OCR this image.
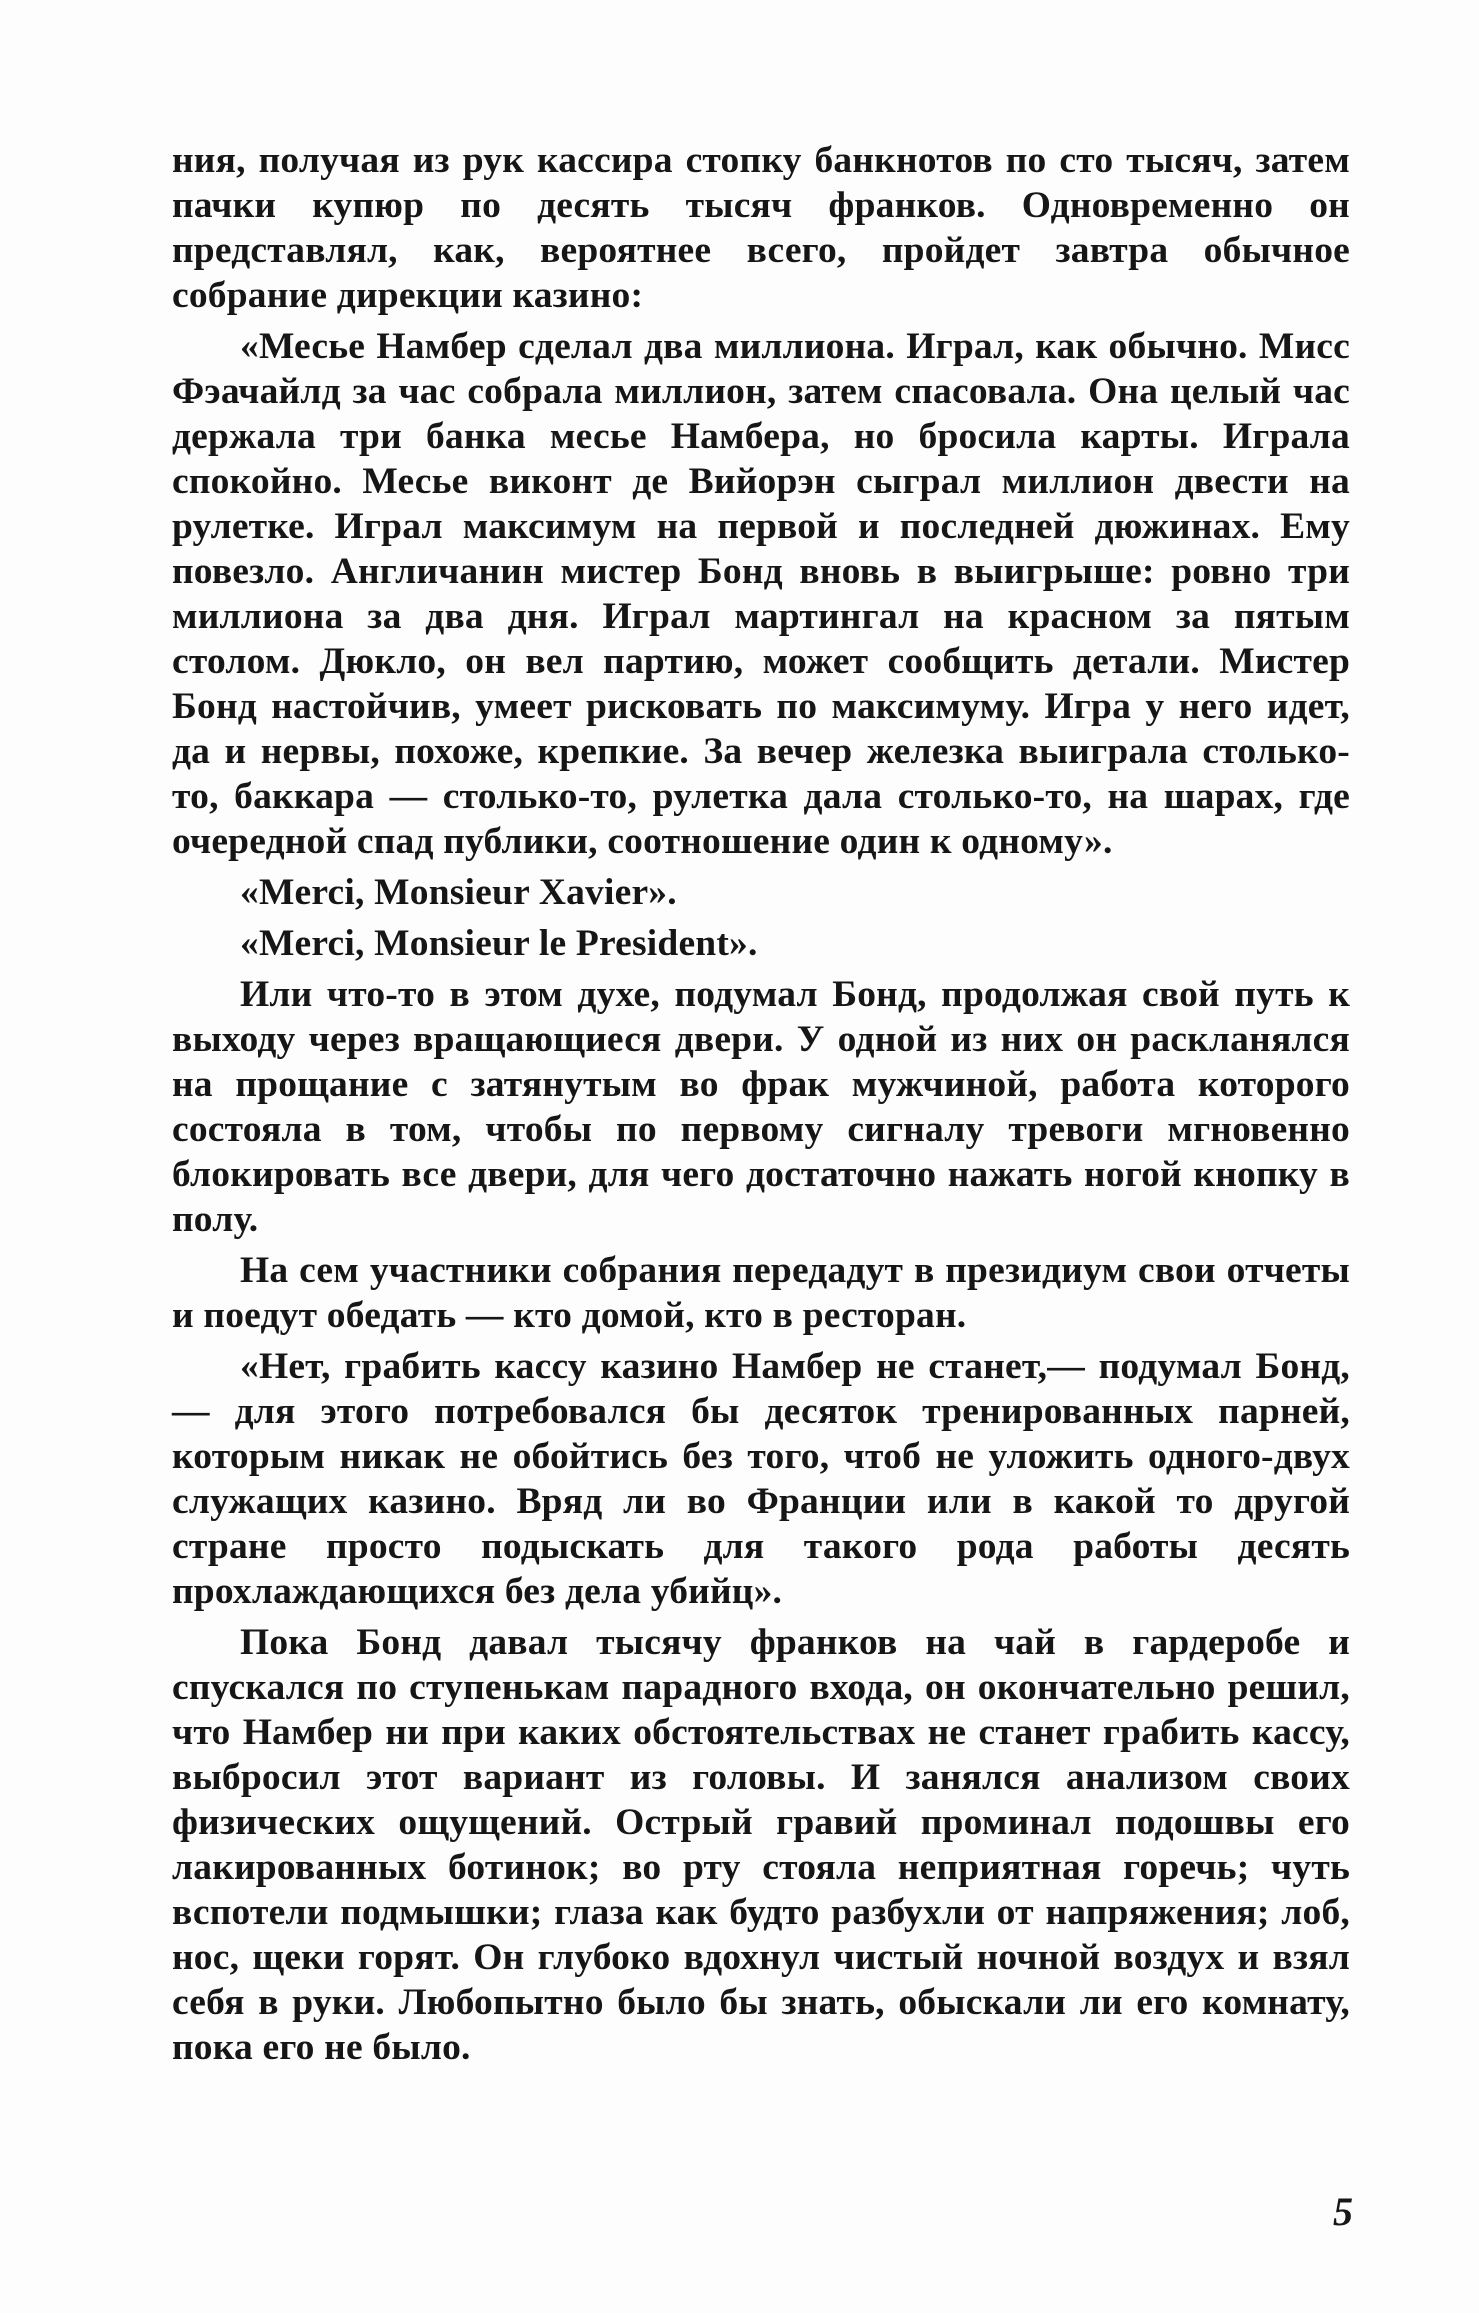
ния, получая из рук кассира стопку банкнотов по сто тысяч, затем пачки купюр по десять тысяч франков. Одновременно он представлял, как, вероятнее всего, пройдет завтра обычное собрание дирекции казино:

«Месье Намбер сделал два миллиона. Играл, как обычно. Мисс Фэачайлд за час собрала миллион, затем спасовала. Она целый час держала три банка месье Намбера, но бросила карты. Играла спокойно. Месье виконт де Вийорэн сыграл миллион двести на рулетке. Играл максимум на первой и последней дюжинах. Ему повезло. Англичанин мистер Бонд вновь в выигрыше: ровно три миллиона за два дня. Играл мартингал на красном за пятым столом. Дюкло, он вел партию, может сообщить детали. Мистер Бонд настойчив, умеет рисковать по максимуму. Игра у него идет, да и нервы, похоже, крепкие. За вечер железка выиграла столько-то, баккара — столько-то, рулетка дала столько-то, на шарах, где очередной спад публики, соотношение один к одному».

«Merci, Monsieur Xavier».

«Merci, Monsieur le President».

Или что-то в этом духе, подумал Бонд, продолжая свой путь к выходу через вращающиеся двери. У одной из них он раскланялся на прощание с затянутым во фрак мужчиной, работа которого состояла в том, чтобы по первому сигналу тревоги мгновенно блокировать все двери, для чего достаточно нажать ногой кнопку в полу.

На сем участники собрания передадут в президиум свои отчеты и поедут обедать — кто домой, кто в ресторан.

«Нет, грабить кассу казино Намбер не станет,— подумал Бонд,— для этого потребовался бы десяток тренированных парней, которым никак не обойтись без того, чтоб не уложить одного-двух служащих казино. Вряд ли во Франции или в какой то другой стране просто подыскать для такого рода работы десять прохлаждающихся без дела убийц».

Пока Бонд давал тысячу франков на чай в гардеробе и спускался по ступенькам парадного входа, он окончательно решил, что Намбер ни при каких обстоятельствах не станет грабить кассу, выбросил этот вариант из головы. И занялся анализом своих физических ощущений. Острый гравий проминал подошвы его лакированных ботинок; во рту стояла неприятная горечь; чуть вспотели подмышки; глаза как будто разбухли от напряжения; лоб, нос, щеки горят. Он глубоко вдохнул чистый ночной воздух и взял себя в руки. Любопытно было бы знать, обыскали ли его комнату, пока его не было.

5
